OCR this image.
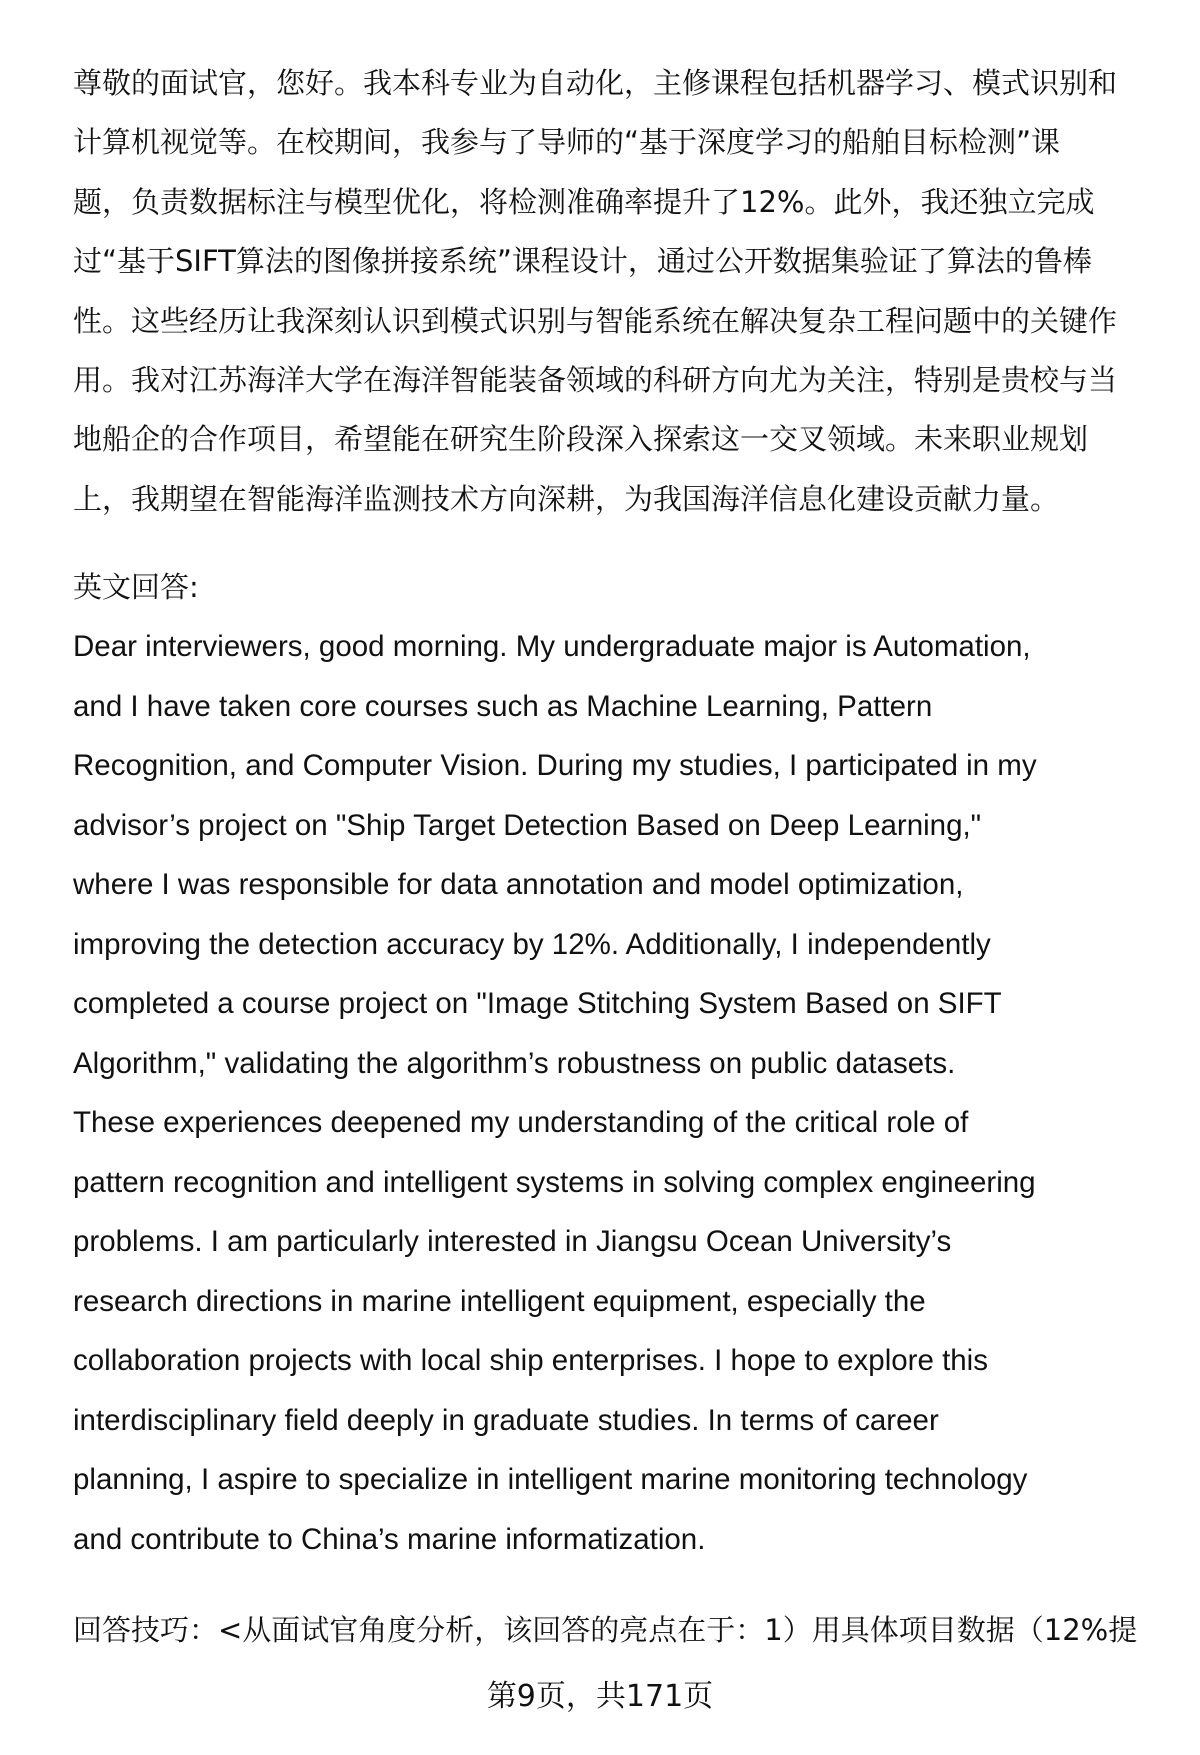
尊敬的面试官，您好。我本科专业为自动化，主修课程包括机器学习、模式识别和
计算机视觉等。在校期间，我参与了导师的“基于深度学习的船舶目标检测”课
题，负责数据标注与模型优化，将检测准确率提升了12%。此外，我还独立完成
过“基于SIFT算法的图像拼接系统”课程设计，通过公开数据集验证了算法的鲁棒
性。这些经历让我深刻认识到模式识别与智能系统在解决复杂工程问题中的关键作
用。我对江苏海洋大学在海洋智能装备领域的科研方向尤为关注，特别是贵校与当
地船企的合作项目，希望能在研究生阶段深入探索这一交叉领域。未来职业规划
上，我期望在智能海洋监测技术方向深耕，为我国海洋信息化建设贡献力量。
英文回答:
Dear interviewers, good morning. My undergraduate major is Automation,
and I have taken core courses such as Machine Learning, Pattern
Recognition, and Computer Vision. During my studies, I participated in my
advisor’s project on "Ship Target Detection Based on Deep Learning,"
where I was responsible for data annotation and model optimization,
improving the detection accuracy by 12%. Additionally, I independently
completed a course project on "Image Stitching System Based on SIFT
Algorithm," validating the algorithm’s robustness on public datasets.
These experiences deepened my understanding of the critical role of
pattern recognition and intelligent systems in solving complex engineering
problems. I am particularly interested in Jiangsu Ocean University’s
research directions in marine intelligent equipment, especially the
collaboration projects with local ship enterprises. I hope to explore this
interdisciplinary field deeply in graduate studies. In terms of career
planning, I aspire to specialize in intelligent marine monitoring technology
and contribute to China’s marine informatization.
回答技巧：<从面试官角度分析，该回答的亮点在于：1）用具体项目数据（12%提
第9页，共171页
